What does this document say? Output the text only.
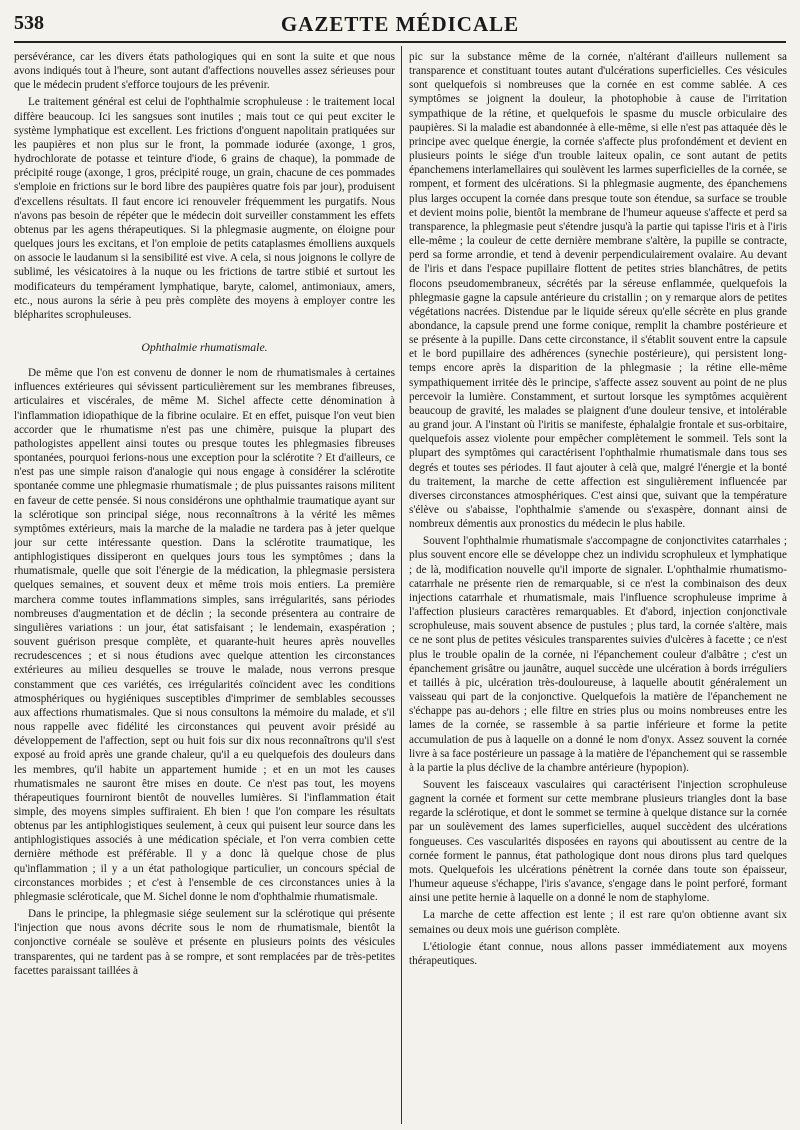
538	GAZETTE MÉDICALE

persévérance, car les divers états pathologiques qui en sont la suite et que nous avons indiqués tout à l'heure, sont autant d'affections nouvelles assez sérieuses pour que le médecin prudent s'efforce toujours de les prévenir.

Le traitement général est celui de l'ophthalmie scrophuleuse : le traitement local diffère beaucoup. Ici les sangsues sont inutiles ; mais tout ce qui peut exciter le système lymphatique est excellent. Les frictions d'onguent napolitain pratiquées sur les paupières et non plus sur le front, la pommade iodurée (axonge, 1 gros, hydrochlorate de potasse et teinture d'iode, 6 grains de chaque), la pommade de précipité rouge (axonge, 1 gros, précipité rouge, un grain, chacune de ces pommades s'emploie en frictions sur le bord libre des paupières quatre fois par jour), produisent d'excellens résultats. Il faut encore ici renouveler fréquemment les purgatifs. Nous n'avons pas besoin de répéter que le médecin doit surveiller constamment les effets obtenus par les agens thérapeutiques. Si la phlegmasie augmente, on éloigne pour quelques jours les excitans, et l'on emploie de petits cataplasmes émolliens auxquels on associe le laudanum si la sensibilité est vive. A cela, si nous joignons le collyre de sublimé, les vésicatoires à la nuque ou les frictions de tartre stibié et surtout les modificateurs du tempérament lymphatique, baryte, calomel, antimoniaux, amers, etc., nous aurons la série à peu près complète des moyens à employer contre les blépharites scrophuleuses.

Ophthalmie rhumatismale.

De même que l'on est convenu de donner le nom de rhumatismales à certaines influences extérieures qui sévissent particulièrement sur les membranes fibreuses, articulaires et viscérales, de même M. Sichel affecte cette dénomination à l'inflammation idiopathique de la fibrine oculaire. Et en effet, puisque l'on veut bien accorder que le rhumatisme n'est pas une chimère, puisque la plupart des pathologistes appellent ainsi toutes ou presque toutes les phlegmasies fibreuses spontanées, pourquoi ferions-nous une exception pour la sclérotite ? Et d'ailleurs, ce n'est pas une simple raison d'analogie qui nous engage à considérer la sclérotite spontanée comme une phlegmasie rhumatismale ; de plus puissantes raisons militent en faveur de cette pensée. Si nous considérons une ophthalmie traumatique ayant sur la sclérotique son principal siége, nous reconnaîtrons à la vérité les mêmes symptômes extérieurs, mais la marche de la maladie ne tardera pas à jeter quelque jour sur cette intéressante question. Dans la sclérotite traumatique, les antiphlogistiques dissiperont en quelques jours tous les symptômes ; dans la rhumatismale, quelle que soit l'énergie de la médication, la phlegmasie persistera quelques semaines, et souvent deux et même trois mois entiers. La première marchera comme toutes inflammations simples, sans irrégularités, sans périodes nombreuses d'augmentation et de déclin ; la seconde présentera au contraire de singulières variations : un jour, état satisfaisant ; le lendemain, exaspération ; souvent guérison presque complète, et quarante-huit heures après nouvelles recrudescences ; et si nous étudions avec quelque attention les circonstances extérieures au milieu desquelles se trouve le malade, nous verrons presque constamment que ces variétés, ces irrégularités coïncident avec les conditions atmosphériques ou hygiéniques susceptibles d'imprimer de semblables secousses aux affections rhumatismales. Que si nous consultons la mémoire du malade, et s'il nous rappelle avec fidélité les circonstances qui peuvent avoir présidé au développement de l'affection, sept ou huit fois sur dix nous reconnaîtrons qu'il s'est exposé au froid après une grande chaleur, qu'il a eu quelquefois des douleurs dans les membres, qu'il habite un appartement humide ; et en un mot les causes rhumatismales ne sauront être mises en doute. Ce n'est pas tout, les moyens thérapeutiques fourniront bientôt de nouvelles lumières. Si l'inflammation était simple, des moyens simples suffiraient. Eh bien ! que l'on compare les résultats obtenus par les antiphlogistiques seulement, à ceux qui puisent leur source dans les antiphlogistiques associés à une médication spéciale, et l'on verra combien cette dernière méthode est préférable. Il y a donc là quelque chose de plus qu'inflammation ; il y a un état pathologique particulier, un concours spécial de circonstances morbides ; et c'est à l'ensemble de ces circonstances unies à la phlegmasie scléroticale, que M. Sichel donne le nom d'ophthalmie rhumatismale.

Dans le principe, la phlegmasie siége seulement sur la sclérotique qui présente l'injection que nous avons décrite sous le nom de rhumatismale, bientôt la conjonctive cornéale se soulève et présente en plusieurs points des vésicules transparentes, qui ne tardent pas à se rompre, et sont remplacées par de très-petites facettes paraissant taillées à

pic sur la substance même de la cornée, n'altérant d'ailleurs nullement sa transparence et constituant toutes autant d'ulcérations superficielles. Ces vésicules sont quelquefois si nombreuses que la cornée en est comme sablée. A ces symptômes se joignent la douleur, la photophobie à cause de l'irritation sympathique de la rétine, et quelquefois le spasme du muscle orbiculaire des paupières. Si la maladie est abandonnée à elle-même, si elle n'est pas attaquée dès le principe avec quelque énergie, la cornée s'affecte plus profondément et devient en plusieurs points le siége d'un trouble laiteux opalin, ce sont autant de petits épanchemens interlamellaires qui soulèvent les larmes superficielles de la cornée, se rompent, et forment des ulcérations. Si la phlegmasie augmente, des épanchemens plus larges occupent la cornée dans presque toute son étendue, sa surface se trouble et devient moins polie, bientôt la membrane de l'humeur aqueuse s'affecte et perd sa transparence, la phlegmasie peut s'étendre jusqu'à la partie qui tapisse l'iris et à l'iris elle-même ; la couleur de cette dernière membrane s'altère, la pupille se contracte, perd sa forme arrondie, et tend à devenir perpendiculairement ovalaire. Au devant de l'iris et dans l'espace pupillaire flottent de petites stries blanchâtres, de petits flocons pseudomembraneux, sécrétés par la séreuse enflammée, quelquefois la phlegmasie gagne la capsule antérieure du cristallin ; on y remarque alors de petites végétations nacrées. Distendue par le liquide séreux qu'elle sécrète en plus grande abondance, la capsule prend une forme conique, remplit la chambre postérieure et se présente à la pupille. Dans cette circonstance, il s'établit souvent entre la capsule et le bord pupillaire des adhérences (synechie postérieure), qui persistent long-temps encore après la disparition de la phlegmasie ; la rétine elle-même sympathiquement irritée dès le principe, s'affecte assez souvent au point de ne plus percevoir la lumière. Constamment, et surtout lorsque les symptômes acquièrent beaucoup de gravité, les malades se plaignent d'une douleur tensive, et intolérable au grand jour. A l'instant où l'iritis se manifeste, éphalalgie frontale et sus-orbitaire, quelquefois assez violente pour empêcher complètement le sommeil. Tels sont la plupart des symptômes qui caractérisent l'ophthalmie rhumatismale dans tous ses degrés et toutes ses périodes. Il faut ajouter à celà que, malgré l'énergie et la bonté du traitement, la marche de cette affection est singulièrement influencée par diverses circonstances atmosphériques. C'est ainsi que, suivant que la température s'élève ou s'abaisse, l'ophthalmie s'amende ou s'exaspère, donnant ainsi de nombreux démentis aux pronostics du médecin le plus habile.

Souvent l'ophthalmie rhumatismale s'accompagne de conjonctivites catarrhales ; plus souvent encore elle se développe chez un individu scrophuleux et lymphatique ; de là, modification nouvelle qu'il importe de signaler. L'ophthalmie rhumatismo-catarrhale ne présente rien de remarquable, si ce n'est la combinaison des deux injections catarrhale et rhumatismale, mais l'influence scrophuleuse imprime à l'affection plusieurs caractères remarquables. Et d'abord, injection conjonctivale scrophuleuse, mais souvent absence de pustules ; plus tard, la cornée s'altère, mais ce ne sont plus de petites vésicules transparentes suivies d'ulcères à facette ; ce n'est plus le trouble opalin de la cornée, ni l'épanchement couleur d'albâtre ; c'est un épanchement grisâtre ou jaunâtre, auquel succède une ulcération à bords irréguliers et taillés à pic, ulcération très-douloureuse, à laquelle aboutit généralement un vaisseau qui part de la conjonctive. Quelquefois la matière de l'épanchement ne s'échappe pas au-dehors ; elle filtre en stries plus ou moins nombreuses entre les lames de la cornée, se rassemble à sa partie inférieure et forme la petite accumulation de pus à laquelle on a donné le nom d'onyx. Assez souvent la cornée livre à sa face postérieure un passage à la matière de l'épanchement qui se rassemble à la partie la plus déclive de la chambre antérieure (hypopion).

Souvent les faisceaux vasculaires qui caractérisent l'injection scrophuleuse gagnent la cornée et forment sur cette membrane plusieurs triangles dont la base regarde la sclérotique, et dont le sommet se termine à quelque distance sur la cornée par un soulèvement des lames superficielles, auquel succèdent des ulcérations fongueuses. Ces vascularités disposées en rayons qui aboutissent au centre de la cornée forment le pannus, état pathologique dont nous dirons plus tard quelques mots. Quelquefois les ulcérations pénètrent la cornée dans toute son épaisseur, l'humeur aqueuse s'échappe, l'iris s'avance, s'engage dans le point perforé, formant ainsi une petite hernie à laquelle on a donné le nom de staphylome.

La marche de cette affection est lente ; il est rare qu'on obtienne avant six semaines ou deux mois une guérison complète.

L'étiologie étant connue, nous allons passer immédiatement aux moyens thérapeutiques.
